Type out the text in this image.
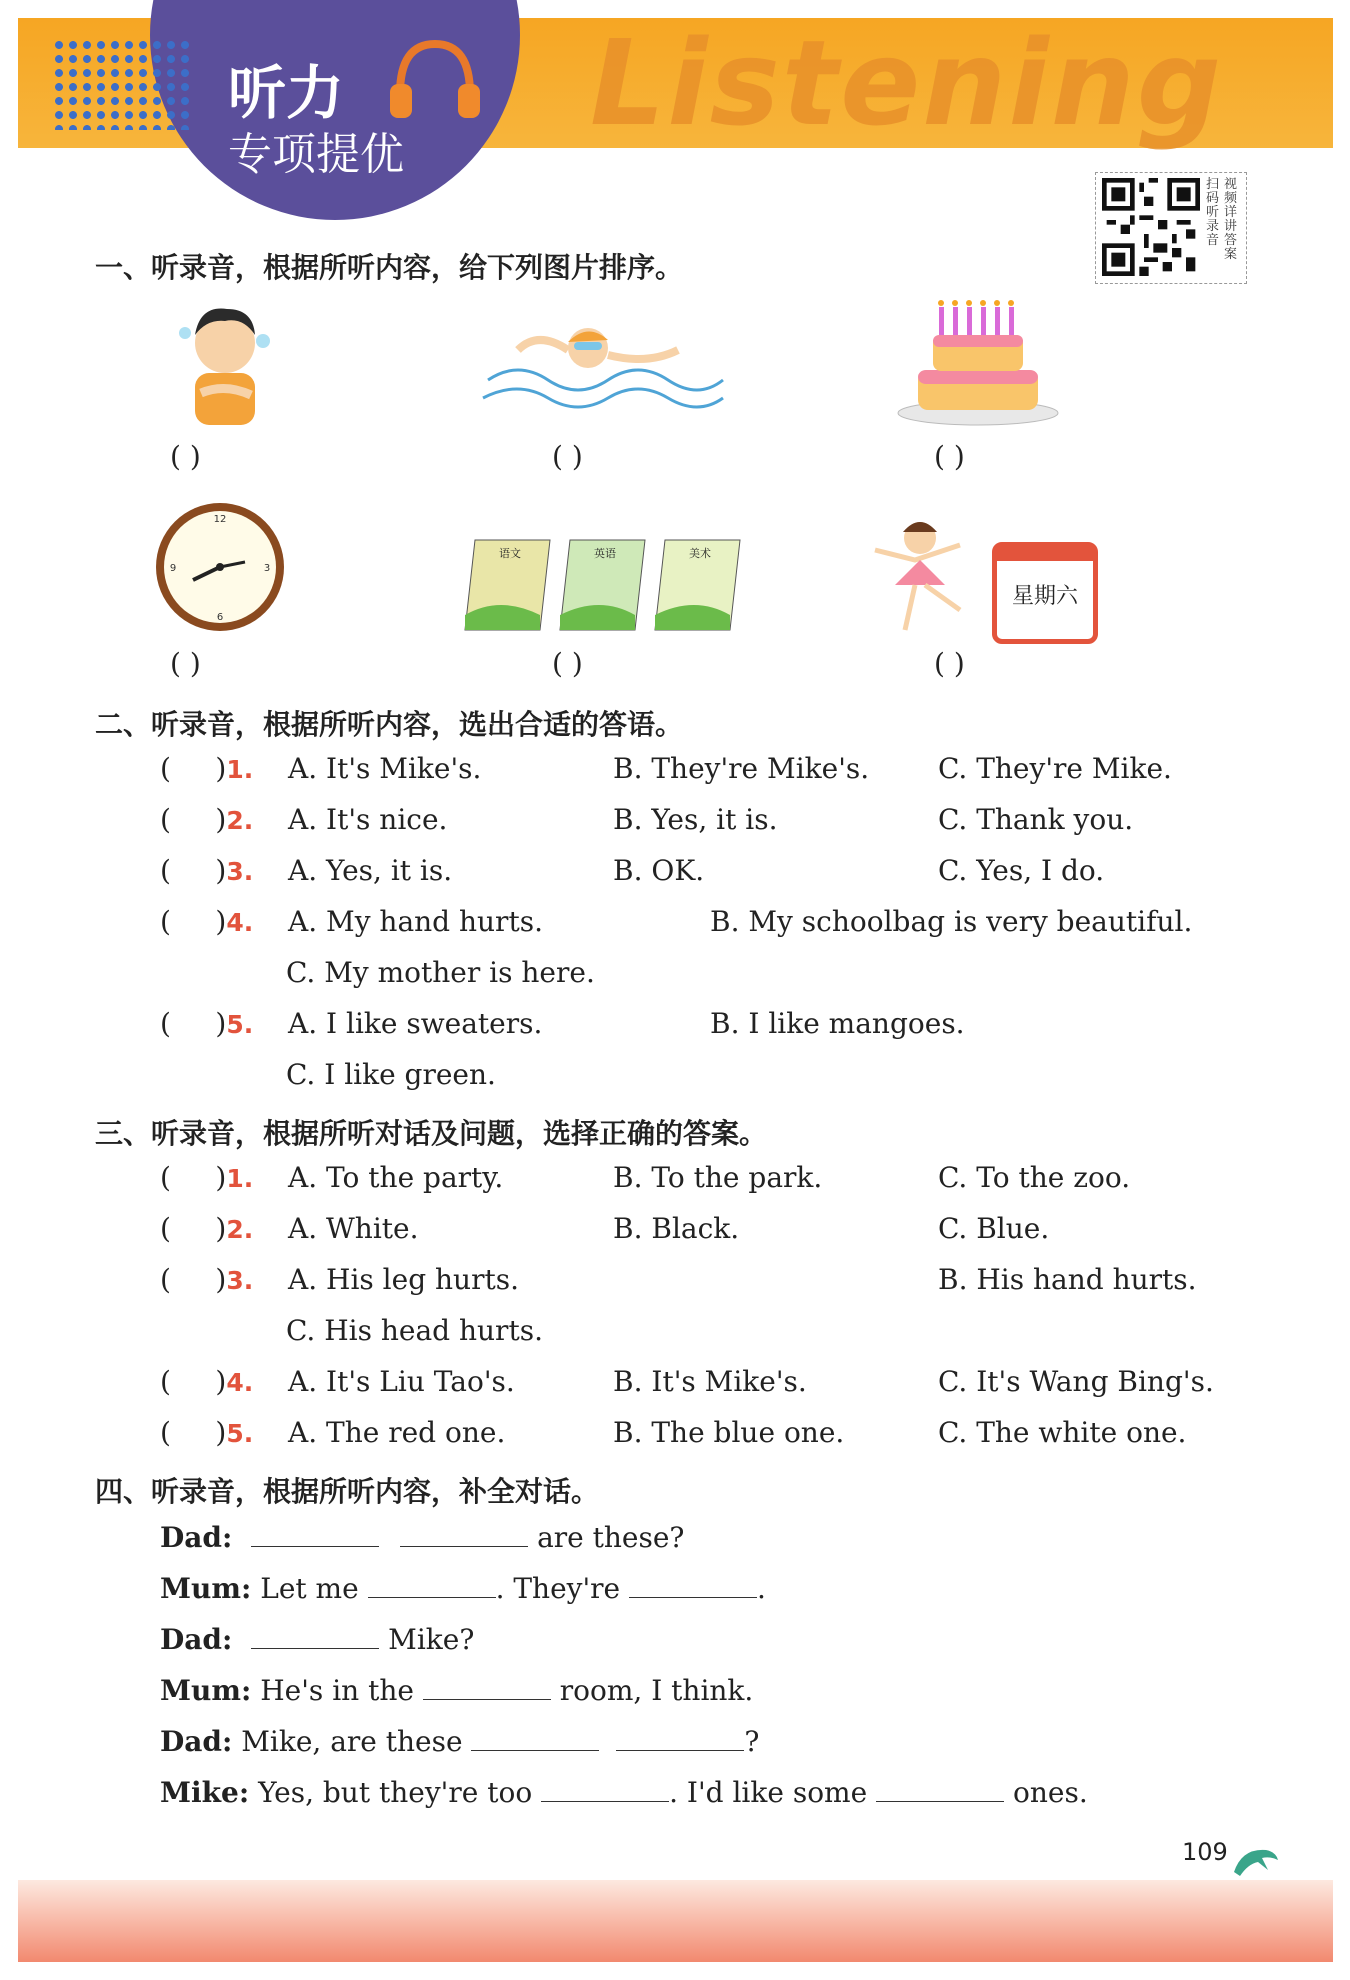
Listening
听力
专项提优
扫码听录音
视频详讲答案
一、听录音，根据所听内容，给下列图片排序。
( )	( )	( )
12
3
6
9
( )
语文	英语	美术
( )
星期六
( )
二、听录音，根据所听内容，选出合适的答语。
(     )1. A. It's Mike's.	B. They're Mike's. C. They're Mike.
(     )2. A. It's nice.	B. Yes, it is.	C. Thank you.
(     )3. A. Yes, it is.	B. OK.	C. Yes, I do.
(     )4. A. My hand hurts.	B. My schoolbag is very beautiful.
C. My mother is here.
(     )5. A. I like sweaters.	B. I like mangoes.
C. I like green.
三、听录音，根据所听对话及问题，选择正确的答案。
(     )1. A. To the party.	B. To the park.	C. To the zoo.
(     )2. A. White.	B. Black.	C. Blue.
(     )3. A. His leg hurts.	B. His hand hurts.
C. His head hurts.
(     )4. A. It's Liu Tao's.	B. It's Mike's.	C. It's Wang Bing's.
(     )5. A. The red one.	B. The blue one.	C. The white one.
四、听录音，根据所听内容，补全对话。
Dad:	are these?
Mum: Let me	. They're	.
Dad:	Mike?
Mum: He's in the	room, I think.
Dad: Mike, are these	?
Mike: Yes, but they're too	. I'd like some	ones.
109
